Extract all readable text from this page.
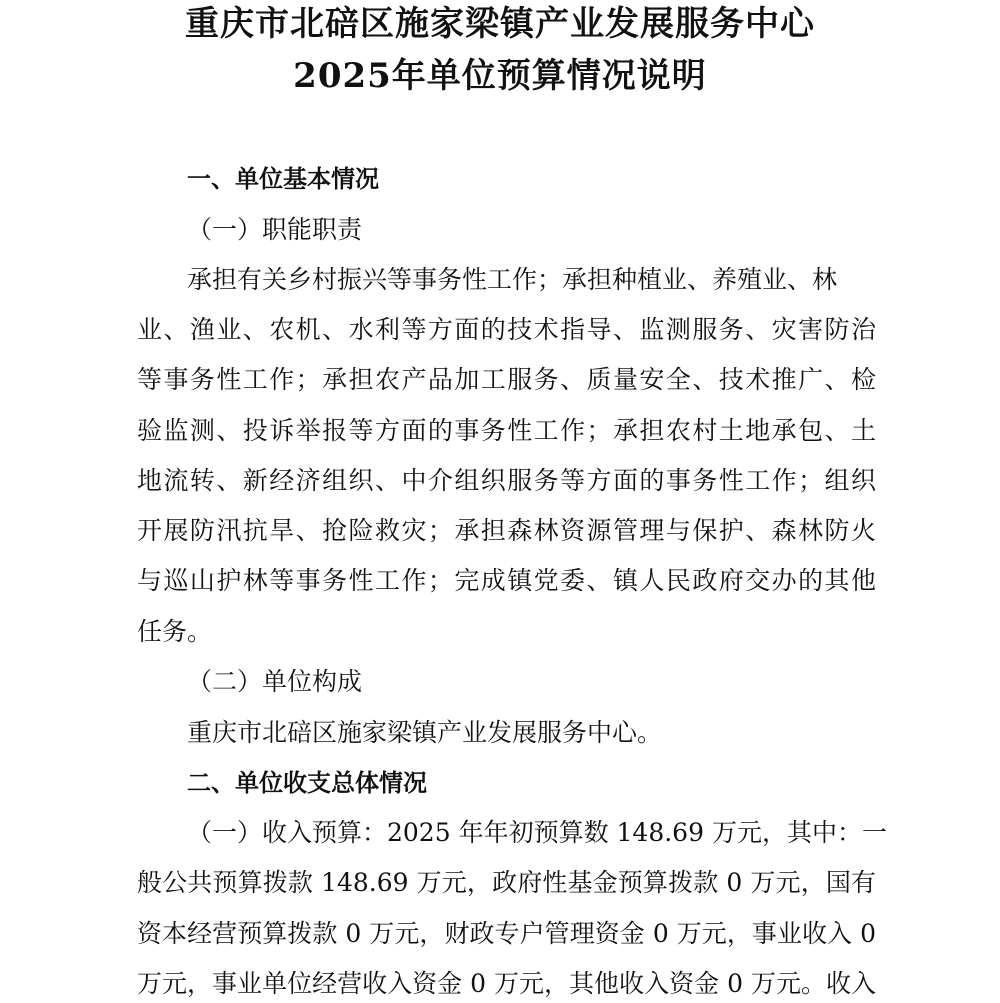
重庆市北碚区施家梁镇产业发展服务中心
2025年单位预算情况说明
一、单位基本情况
（一）职能职责
承担有关乡村振兴等事务性工作；承担种植业、养殖业、林
业、渔业、农机、水利等方面的技术指导、监测服务、灾害防治
等事务性工作；承担农产品加工服务、质量安全、技术推广、检
验监测、投诉举报等方面的事务性工作；承担农村土地承包、土
地流转、新经济组织、中介组织服务等方面的事务性工作；组织
开展防汛抗旱、抢险救灾；承担森林资源管理与保护、森林防火
与巡山护林等事务性工作；完成镇党委、镇人民政府交办的其他
任务。
（二）单位构成
重庆市北碚区施家梁镇产业发展服务中心。
二、单位收支总体情况
（一）收入预算：2025 年年初预算数 148.69 万元，其中：一
般公共预算拨款 148.69 万元，政府性基金预算拨款 0 万元，国有
资本经营预算拨款 0 万元，财政专户管理资金 0 万元，事业收入 0
万元，事业单位经营收入资金 0 万元，其他收入资金 0 万元。收入
